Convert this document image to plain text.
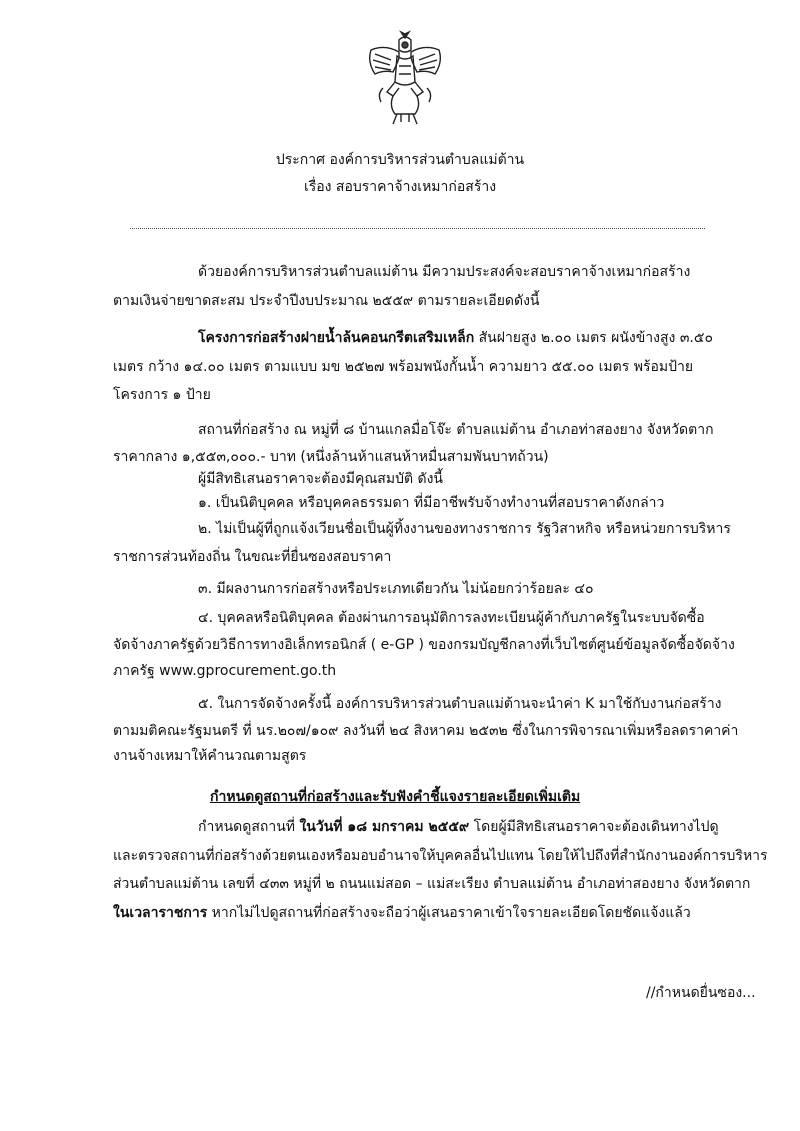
ประกาศ องค์การบริหารส่วนตำบลแม่ต้าน
เรื่อง สอบราคาจ้างเหมาก่อสร้าง
ด้วยองค์การบริหารส่วนตำบลแม่ต้าน มีความประสงค์จะสอบราคาจ้างเหมาก่อสร้าง
ตามเงินจ่ายขาดสะสม ประจำปีงบประมาณ ๒๕๕๙ ตามรายละเอียดดังนี้
โครงการก่อสร้างฝายน้ำล้นคอนกรีตเสริมเหล็ก สันฝายสูง ๒.๐๐ เมตร ผนังข้างสูง ๓.๕๐
เมตร กว้าง ๑๔.๐๐ เมตร ตามแบบ มข ๒๕๒๗ พร้อมพนังกั้นน้ำ ความยาว ๕๕.๐๐ เมตร พร้อมป้าย
โครงการ ๑ ป้าย
สถานที่ก่อสร้าง ณ หมู่ที่ ๘ บ้านแกลมื่อโจ๊ะ ตำบลแม่ต้าน อำเภอท่าสองยาง จังหวัดตาก
ราคากลาง ๑,๕๕๓,๐๐๐.- บาท (หนึ่งล้านห้าแสนห้าหมื่นสามพันบาทถ้วน)
ผู้มีสิทธิเสนอราคาจะต้องมีคุณสมบัติ ดังนี้
๑. เป็นนิติบุคคล หรือบุคคลธรรมดา ที่มีอาชีพรับจ้างทำงานที่สอบราคาดังกล่าว
๒. ไม่เป็นผู้ที่ถูกแจ้งเวียนชื่อเป็นผู้ทิ้งงานของทางราชการ รัฐวิสาหกิจ หรือหน่วยการบริหาร
ราชการส่วนท้องถิ่น ในขณะที่ยื่นซองสอบราคา
๓. มีผลงานการก่อสร้างหรือประเภทเดียวกัน ไม่น้อยกว่าร้อยละ ๔๐
๔. บุคคลหรือนิติบุคคล ต้องผ่านการอนุมัติการลงทะเบียนผู้ค้ากับภาครัฐในระบบจัดซื้อ
จัดจ้างภาครัฐด้วยวิธีการทางอิเล็กทรอนิกส์ ( e-GP ) ของกรมบัญชีกลางที่เว็บไซต์ศูนย์ข้อมูลจัดซื้อจัดจ้าง
ภาครัฐ www.gprocurement.go.th
๕. ในการจัดจ้างครั้งนี้ องค์การบริหารส่วนตำบลแม่ต้านจะนำค่า K มาใช้กับงานก่อสร้าง
ตามมติคณะรัฐมนตรี ที่ นร.๒๐๗/๑๐๙ ลงวันที่ ๒๔ สิงหาคม ๒๕๓๒ ซึ่งในการพิจารณาเพิ่มหรือลดราคาค่า
งานจ้างเหมาให้คำนวณตามสูตร
กำหนดดูสถานที่ก่อสร้างและรับฟังคำชี้แจงรายละเอียดเพิ่มเติม
กำหนดดูสถานที่ ในวันที่ ๑๘ มกราคม ๒๕๕๙ โดยผู้มีสิทธิเสนอราคาจะต้องเดินทางไปดู
และตรวจสถานที่ก่อสร้างด้วยตนเองหรือมอบอำนาจให้บุคคลอื่นไปแทน โดยให้ไปถึงที่สำนักงานองค์การบริหาร
ส่วนตำบลแม่ต้าน เลขที่ ๔๓๓ หมู่ที่ ๒ ถนนแม่สอด – แม่สะเรียง ตำบลแม่ต้าน อำเภอท่าสองยาง จังหวัดตาก
ในเวลาราชการ หากไม่ไปดูสถานที่ก่อสร้างจะถือว่าผู้เสนอราคาเข้าใจรายละเอียดโดยชัดแจ้งแล้ว
//กำหนดยื่นซอง...
